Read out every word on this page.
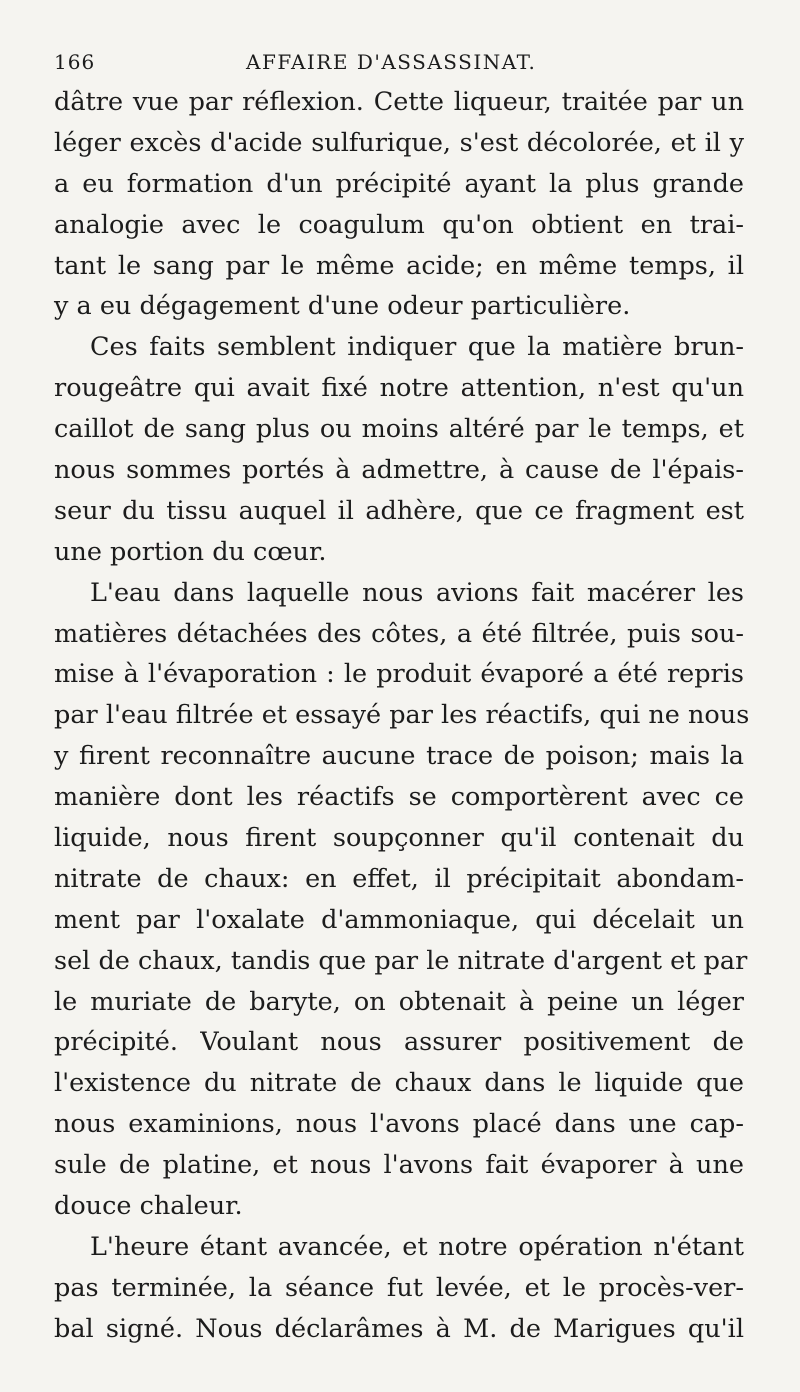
166	AFFAIRE D'ASSASSINAT.
dâtre vue par réflexion. Cette liqueur, traitée par un
léger excès d'acide sulfurique, s'est décolorée, et il y
a eu formation d'un précipité ayant la plus grande
analogie avec le coagulum qu'on obtient en trai-
tant le sang par le même acide; en même temps, il
y a eu dégagement d'une odeur particulière.
Ces faits semblent indiquer que la matière brun-
rougeâtre qui avait fixé notre attention, n'est qu'un
caillot de sang plus ou moins altéré par le temps, et
nous sommes portés à admettre, à cause de l'épais-
seur du tissu auquel il adhère, que ce fragment est
une portion du cœur.
L'eau dans laquelle nous avions fait macérer les
matières détachées des côtes, a été filtrée, puis sou-
mise à l'évaporation : le produit évaporé a été repris
par l'eau filtrée et essayé par les réactifs, qui ne nous
y firent reconnaître aucune trace de poison; mais la
manière dont les réactifs se comportèrent avec ce
liquide, nous firent soupçonner qu'il contenait du
nitrate de chaux: en effet, il précipitait abondam-
ment par l'oxalate d'ammoniaque, qui décelait un
sel de chaux, tandis que par le nitrate d'argent et par
le muriate de baryte, on obtenait à peine un léger
précipité. Voulant nous assurer positivement de
l'existence du nitrate de chaux dans le liquide que
nous examinions, nous l'avons placé dans une cap-
sule de platine, et nous l'avons fait évaporer à une
douce chaleur.
L'heure étant avancée, et notre opération n'étant
pas terminée, la séance fut levée, et le procès-ver-
bal signé. Nous déclarâmes à M. de Marigues qu'il
